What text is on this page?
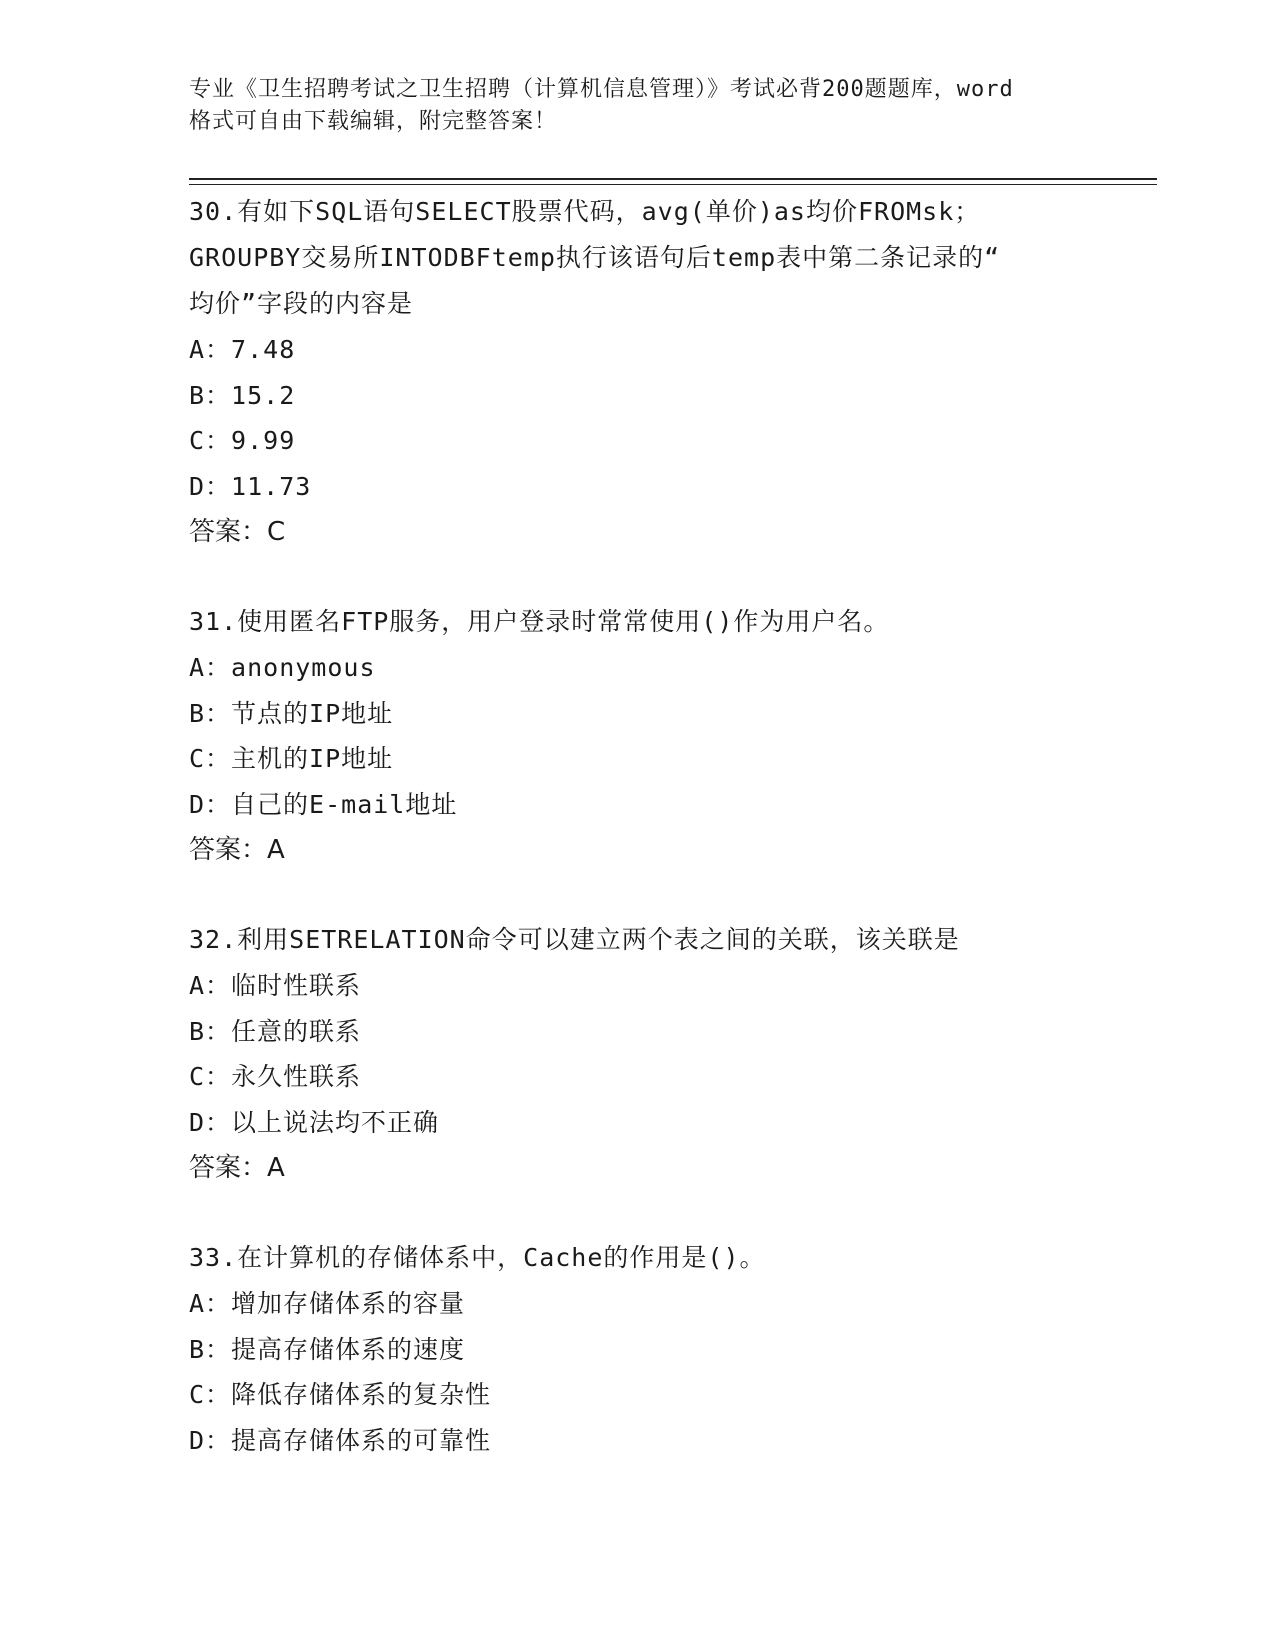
专业《卫生招聘考试之卫生招聘（计算机信息管理）》考试必背200题题库，word
格式可自由下载编辑，附完整答案！

30.有如下SQL语句SELECT股票代码，avg(单价)as均价FROMsk；

GROUPBY交易所INTODBFtemp执行该语句后temp表中第二条记录的“

均价”字段的内容是

A：7.48

B：15.2

C：9.99

D：11.73

答案：C

31.使用匿名FTP服务，用户登录时常常使用()作为用户名。

A：anonymous

B：节点的IP地址

C：主机的IP地址

D：自己的E-mail地址

答案：A

32.利用SETRELATION命令可以建立两个表之间的关联，该关联是

A：临时性联系

B：任意的联系

C：永久性联系

D：以上说法均不正确

答案：A

33.在计算机的存储体系中，Cache的作用是()。

A：增加存储体系的容量

B：提高存储体系的速度

C：降低存储体系的复杂性

D：提高存储体系的可靠性
